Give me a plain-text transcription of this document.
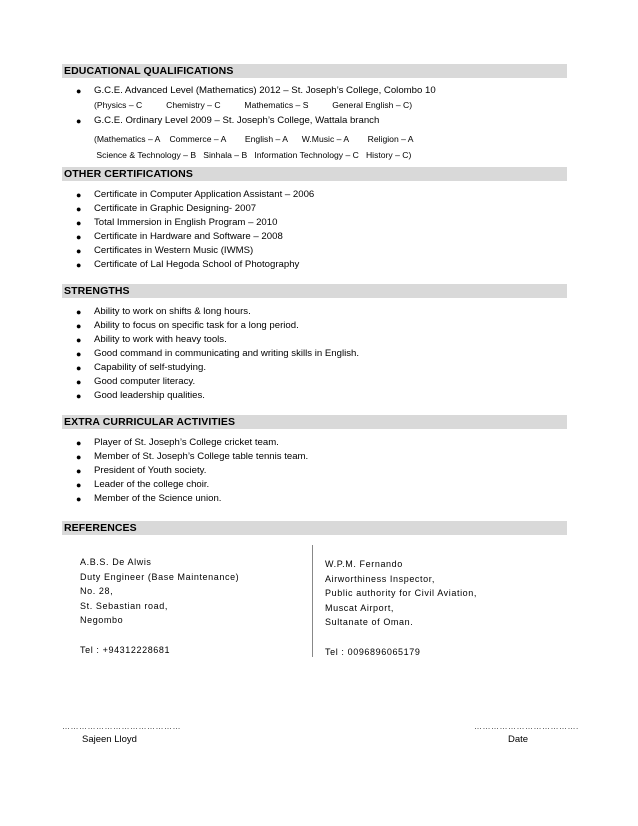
EDUCATIONAL QUALIFICATIONS
● G.C.E. Advanced Level (Mathematics) 2012 – St. Joseph’s College, Colombo 10
(Physics – C          Chemistry – C          Mathematics – S          General English – C)
● G.C.E. Ordinary Level 2009 – St. Joseph’s College, Wattala branch
(Mathematics – A    Commerce – A        English – A      W.Music – A        Religion – A
Science & Technology – B   Sinhala – B   Information Technology – C   History – C)
OTHER CERTIFICATIONS
● Certificate in Computer Application Assistant – 2006
● Certificate in Graphic Designing- 2007
● Total Immersion in English Program – 2010
● Certificate in Hardware and Software – 2008
● Certificates in Western Music (IWMS)
● Certificate of Lal Hegoda School of Photography
STRENGTHS
● Ability to work on shifts & long hours.
● Ability to focus on specific task for a long period.
● Ability to work with heavy tools.
● Good command in communicating and writing skills in English.
● Capability of self-studying.
● Good computer literacy.
● Good leadership qualities.
EXTRA CURRICULAR ACTIVITIES
● Player of St. Joseph’s College cricket team.
● Member of St. Joseph’s College table tennis team.
● President of Youth society.
● Leader of the college choir.
● Member of the Science union.
REFERENCES
A.B.S. De Alwis
Duty Engineer (Base Maintenance)
No. 28,
St. Sebastian road,
Negombo
Tel : +94312228681
W.P.M. Fernando
Airworthiness Inspector,
Public authority for Civil Aviation,
Muscat Airport,
Sultanate of Oman.
Tel : 0096896065179
……………………………………
Sajeen Lloyd
……………………………….
Date
